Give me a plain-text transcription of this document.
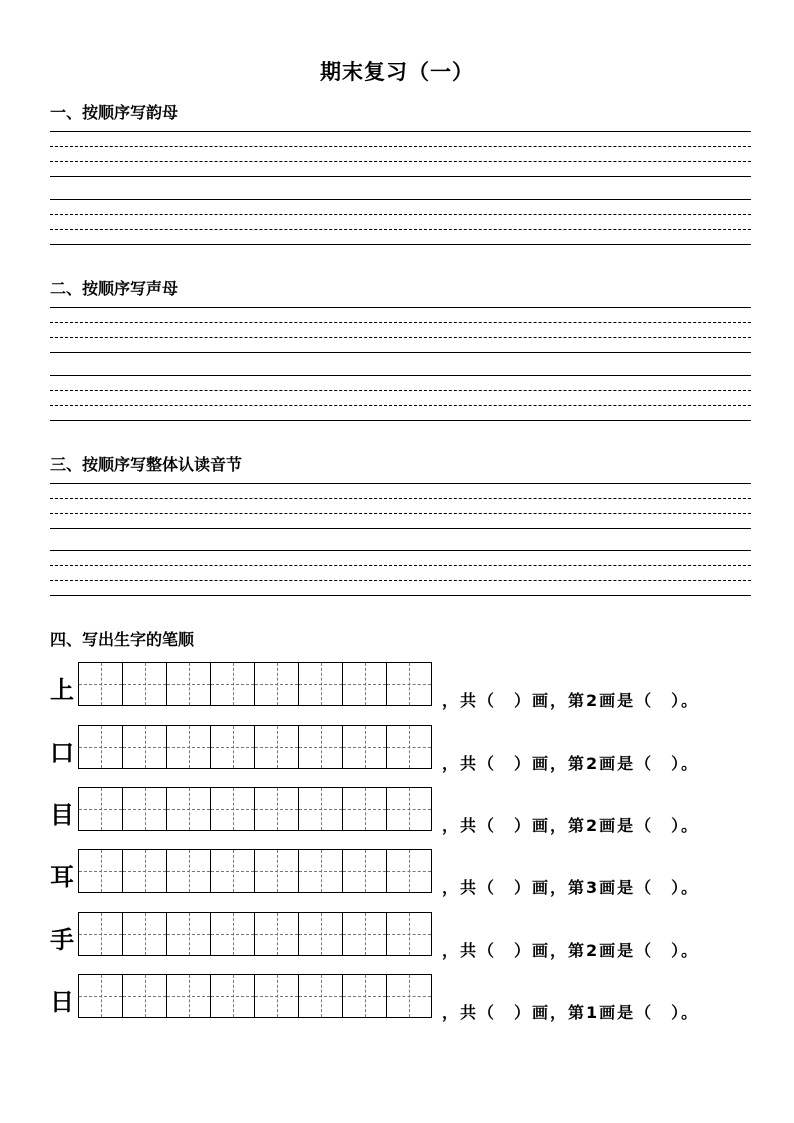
期末复习（一）
一、按顺序写韵母
二、按顺序写声母
三、按顺序写整体认读音节
四、写出生字的笔顺
上	，共（　）画，第2画是（　）。
口	，共（　）画，第2画是（　）。
目	，共（　）画，第2画是（　）。
耳	，共（　）画，第3画是（　）。
手	，共（　）画，第2画是（　）。
日	，共（　）画，第1画是（　）。
